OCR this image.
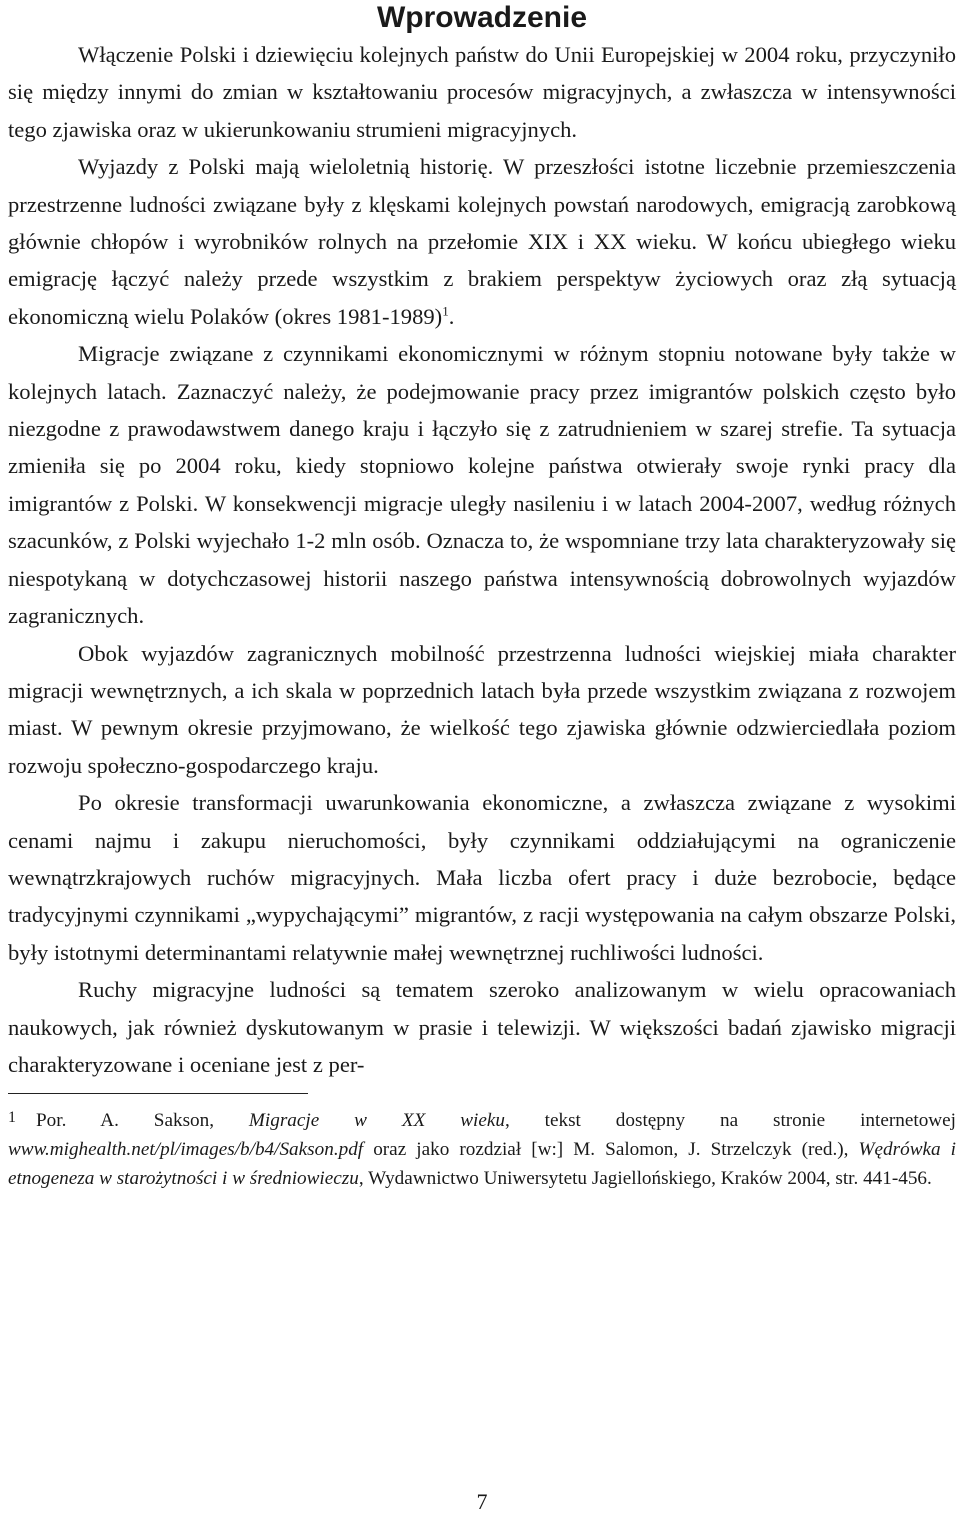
Wprowadzenie

Włączenie Polski i dziewięciu kolejnych państw do Unii Europejskiej w 2004 roku, przyczyniło się między innymi do zmian w kształtowaniu procesów migracyjnych, a zwłaszcza w intensywności tego zjawiska oraz w ukierunkowaniu strumieni migracyjnych.

Wyjazdy z Polski mają wieloletnią historię. W przeszłości istotne liczebnie przemieszczenia przestrzenne ludności związane były z klęskami kolejnych powstań narodowych, emigracją zarobkową głównie chłopów i wyrobników rolnych na przełomie XIX i XX wieku. W końcu ubiegłego wieku emigrację łączyć należy przede wszystkim z brakiem perspektyw życiowych oraz złą sytuacją ekonomiczną wielu Polaków (okres 1981-1989)$^1$.

Migracje związane z czynnikami ekonomicznymi w różnym stopniu notowane były także w kolejnych latach. Zaznaczyć należy, że podejmowanie pracy przez imigrantów polskich często było niezgodne z prawodawstwem danego kraju i łączyło się z zatrudnieniem w szarej strefie. Ta sytuacja zmieniła się po 2004 roku, kiedy stopniowo kolejne państwa otwierały swoje rynki pracy dla imigrantów z Polski. W konsekwencji migracje uległy nasileniu i w latach 2004-2007, według różnych szacunków, z Polski wyjechało 1-2 mln osób. Oznacza to, że wspomniane trzy lata charakteryzowały się niespotykaną w dotychczasowej historii naszego państwa intensywnością dobrowolnych wyjazdów zagranicznych.

Obok wyjazdów zagranicznych mobilność przestrzenna ludności wiejskiej miała charakter migracji wewnętrznych, a ich skala w poprzednich latach była przede wszystkim związana z rozwojem miast. W pewnym okresie przyjmowano, że wielkość tego zjawiska głównie odzwierciedlała poziom rozwoju społeczno-gospodarczego kraju.

Po okresie transformacji uwarunkowania ekonomiczne, a zwłaszcza związane z wysokimi cenami najmu i zakupu nieruchomości, były czynnikami oddziałującymi na ograniczenie wewnątrzkrajowych ruchów migracyjnych. Mała liczba ofert pracy i duże bezrobocie, będące tradycyjnymi czynnikami „wypychającymi” migrantów, z racji występowania na całym obszarze Polski, były istotnymi determinantami relatywnie małej wewnętrznej ruchliwości ludności.

Ruchy migracyjne ludności są tematem szeroko analizowanym w wielu opracowaniach naukowych, jak również dyskutowanym w prasie i telewizji. W większości badań zjawisko migracji charakteryzowane i oceniane jest z per-

$^1$ Por. A. Sakson, Migracje w XX wieku, tekst dostępny na stronie internetowej www.mighealth.net/pl/images/b/b4/Sakson.pdf oraz jako rozdział [w:] M. Salomon, J. Strzelczyk (red.), Wędrówka i etnogeneza w starożytności i w średniowieczu, Wydawnictwo Uniwersytetu Jagiellońskiego, Kraków 2004, str. 441-456.

7
